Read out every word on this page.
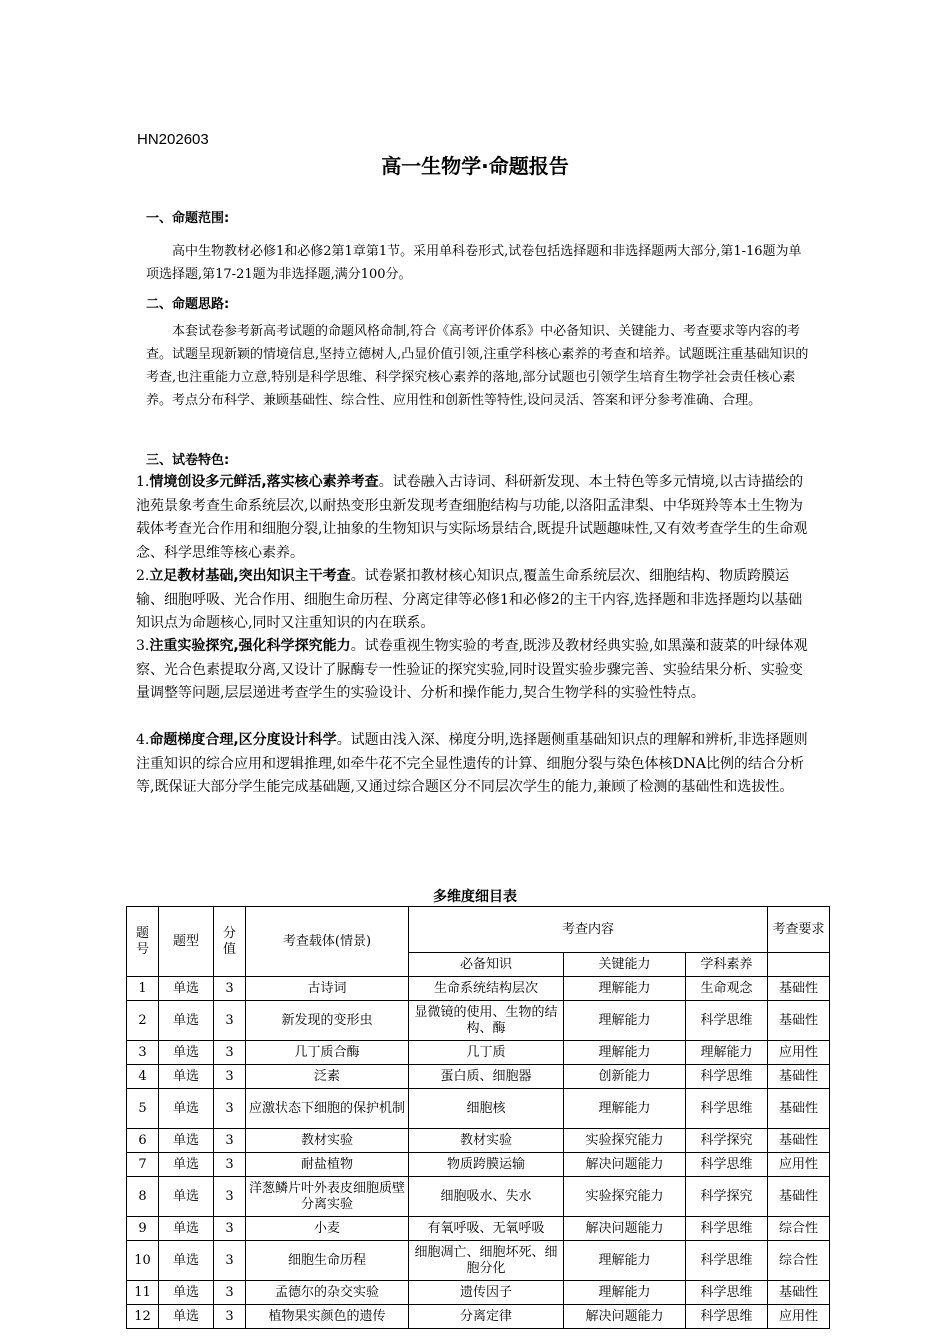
HN202603
高一生物学·命题报告
一、命题范围:

高中生物教材必修1和必修2第1章第1节。采用单科卷形式,试卷包括选择题和非选择题两大部分,第1-16题为单项选择题,第17-21题为非选择题,满分100分。

二、命题思路:

本套试卷参考新高考试题的命题风格命制,符合《高考评价体系》中必备知识、关键能力、考查要求等内容的考查。试题呈现新颖的情境信息,坚持立德树人,凸显价值引领,注重学科核心素养的考查和培养。试题既注重基础知识的考查,也注重能力立意,特别是科学思维、科学探究核心素养的落地,部分试题也引领学生培育生物学社会责任核心素养。考点分布科学、兼顾基础性、综合性、应用性和创新性等特性,设问灵活、答案和评分参考准确、合理。

三、试卷特色:

1.情境创设多元鲜活,落实核心素养考查。试卷融入古诗词、科研新发现、本土特色等多元情境,以古诗描绘的池苑景象考查生命系统层次,以耐热变形虫新发现考查细胞结构与功能,以洛阳孟津梨、中华斑羚等本土生物为载体考查光合作用和细胞分裂,让抽象的生物知识与实际场景结合,既提升试题趣味性,又有效考查学生的生命观念、科学思维等核心素养。

2.立足教材基础,突出知识主干考查。试卷紧扣教材核心知识点,覆盖生命系统层次、细胞结构、物质跨膜运输、细胞呼吸、光合作用、细胞生命历程、分离定律等必修1和必修2的主干内容,选择题和非选择题均以基础知识点为命题核心,同时又注重知识的内在联系。

3.注重实验探究,强化科学探究能力。试卷重视生物实验的考查,既涉及教材经典实验,如黑藻和菠菜的叶绿体观察、光合色素提取分离,又设计了脲酶专一性验证的探究实验,同时设置实验步骤完善、实验结果分析、实验变量调整等问题,层层递进考查学生的实验设计、分析和操作能力,契合生物学科的实验性特点。

4.命题梯度合理,区分度设计科学。试题由浅入深、梯度分明,选择题侧重基础知识点的理解和辨析,非选择题则注重知识的综合应用和逻辑推理,如牵牛花不完全显性遗传的计算、细胞分裂与染色体核DNA比例的结合分析等,既保证大部分学生能完成基础题,又通过综合题区分不同层次学生的能力,兼顾了检测的基础性和选拔性。

多维度细目表
题号	题型	分值	考查载体(情景)	考查内容			考查要求
				必备知识	关键能力	学科素养	
1	单选	3	古诗词	生命系统结构层次	理解能力	生命观念	基础性
2	单选	3	新发现的变形虫	显微镜的使用、生物的结构、酶	理解能力	科学思维	基础性
3	单选	3	几丁质合酶	几丁质	理解能力	理解能力	应用性
4	单选	3	泛素	蛋白质、细胞器	创新能力	科学思维	基础性
5	单选	3	应激状态下细胞的保护机制	细胞核	理解能力	科学思维	基础性
6	单选	3	教材实验	教材实验	实验探究能力	科学探究	基础性
7	单选	3	耐盐植物	物质跨膜运输	解决问题能力	科学思维	应用性
8	单选	3	洋葱鳞片叶外表皮细胞质壁分离实验	细胞吸水、失水	实验探究能力	科学探究	基础性
9	单选	3	小麦	有氧呼吸、无氧呼吸	解决问题能力	科学思维	综合性
10	单选	3	细胞生命历程	细胞凋亡、细胞坏死、细胞分化	理解能力	科学思维	综合性
11	单选	3	孟德尔的杂交实验	遗传因子	理解能力	科学思维	基础性
12	单选	3	植物果实颜色的遗传	分离定律	解决问题能力	科学思维	应用性
